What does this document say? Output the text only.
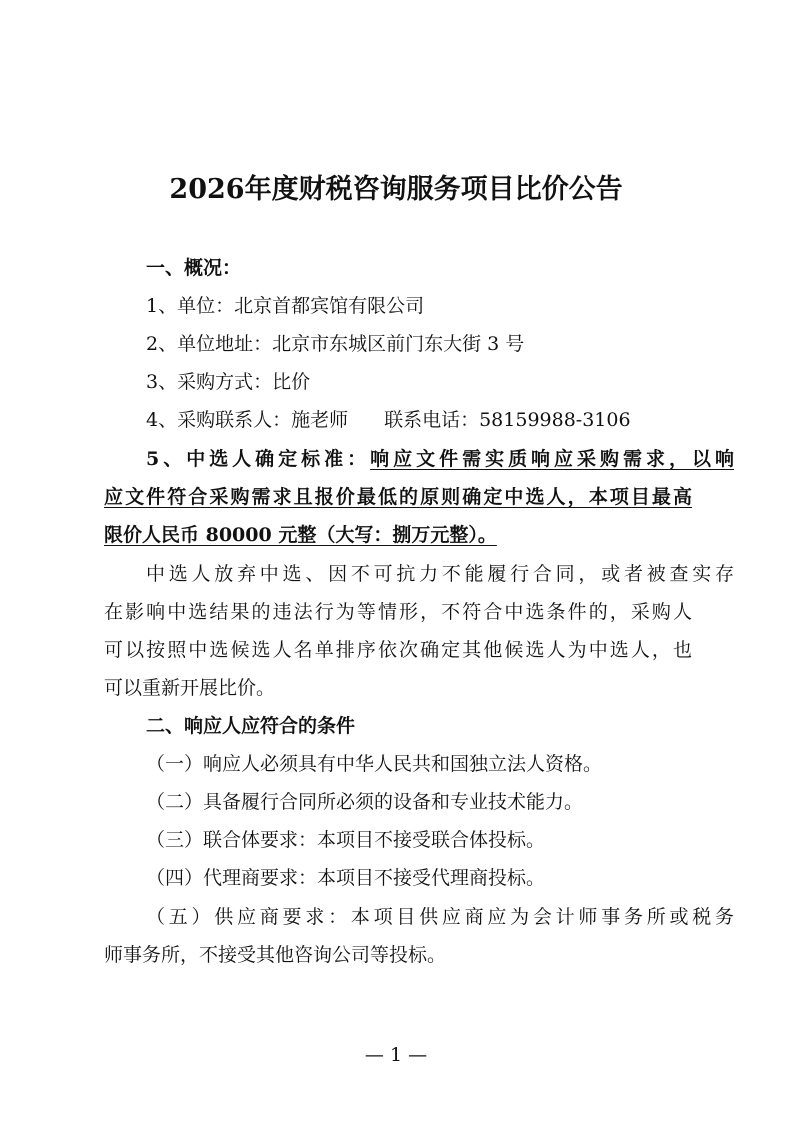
2026年度财税咨询服务项目比价公告
一、概况：
1、单位：北京首都宾馆有限公司
2、单位地址：北京市东城区前门东大街 3 号
3、采购方式：比价
4、采购联系人：施老师 联系电话：58159988-3106
5、中选人确定标准：响应文件需实质响应采购需求，以响
应文件符合采购需求且报价最低的原则确定中选人，本项目最高
限价人民币 80000 元整（大写：捌万元整）。
中选人放弃中选、因不可抗力不能履行合同，或者被查实存
在影响中选结果的违法行为等情形，不符合中选条件的，采购人
可以按照中选候选人名单排序依次确定其他候选人为中选人，也
可以重新开展比价。
二、响应人应符合的条件
（一）响应人必须具有中华人民共和国独立法人资格。
（二）具备履行合同所必须的设备和专业技术能力。
（三）联合体要求：本项目不接受联合体投标。
（四）代理商要求：本项目不接受代理商投标。
（五）供应商要求：本项目供应商应为会计师事务所或税务
师事务所，不接受其他咨询公司等投标。
— 1 —
